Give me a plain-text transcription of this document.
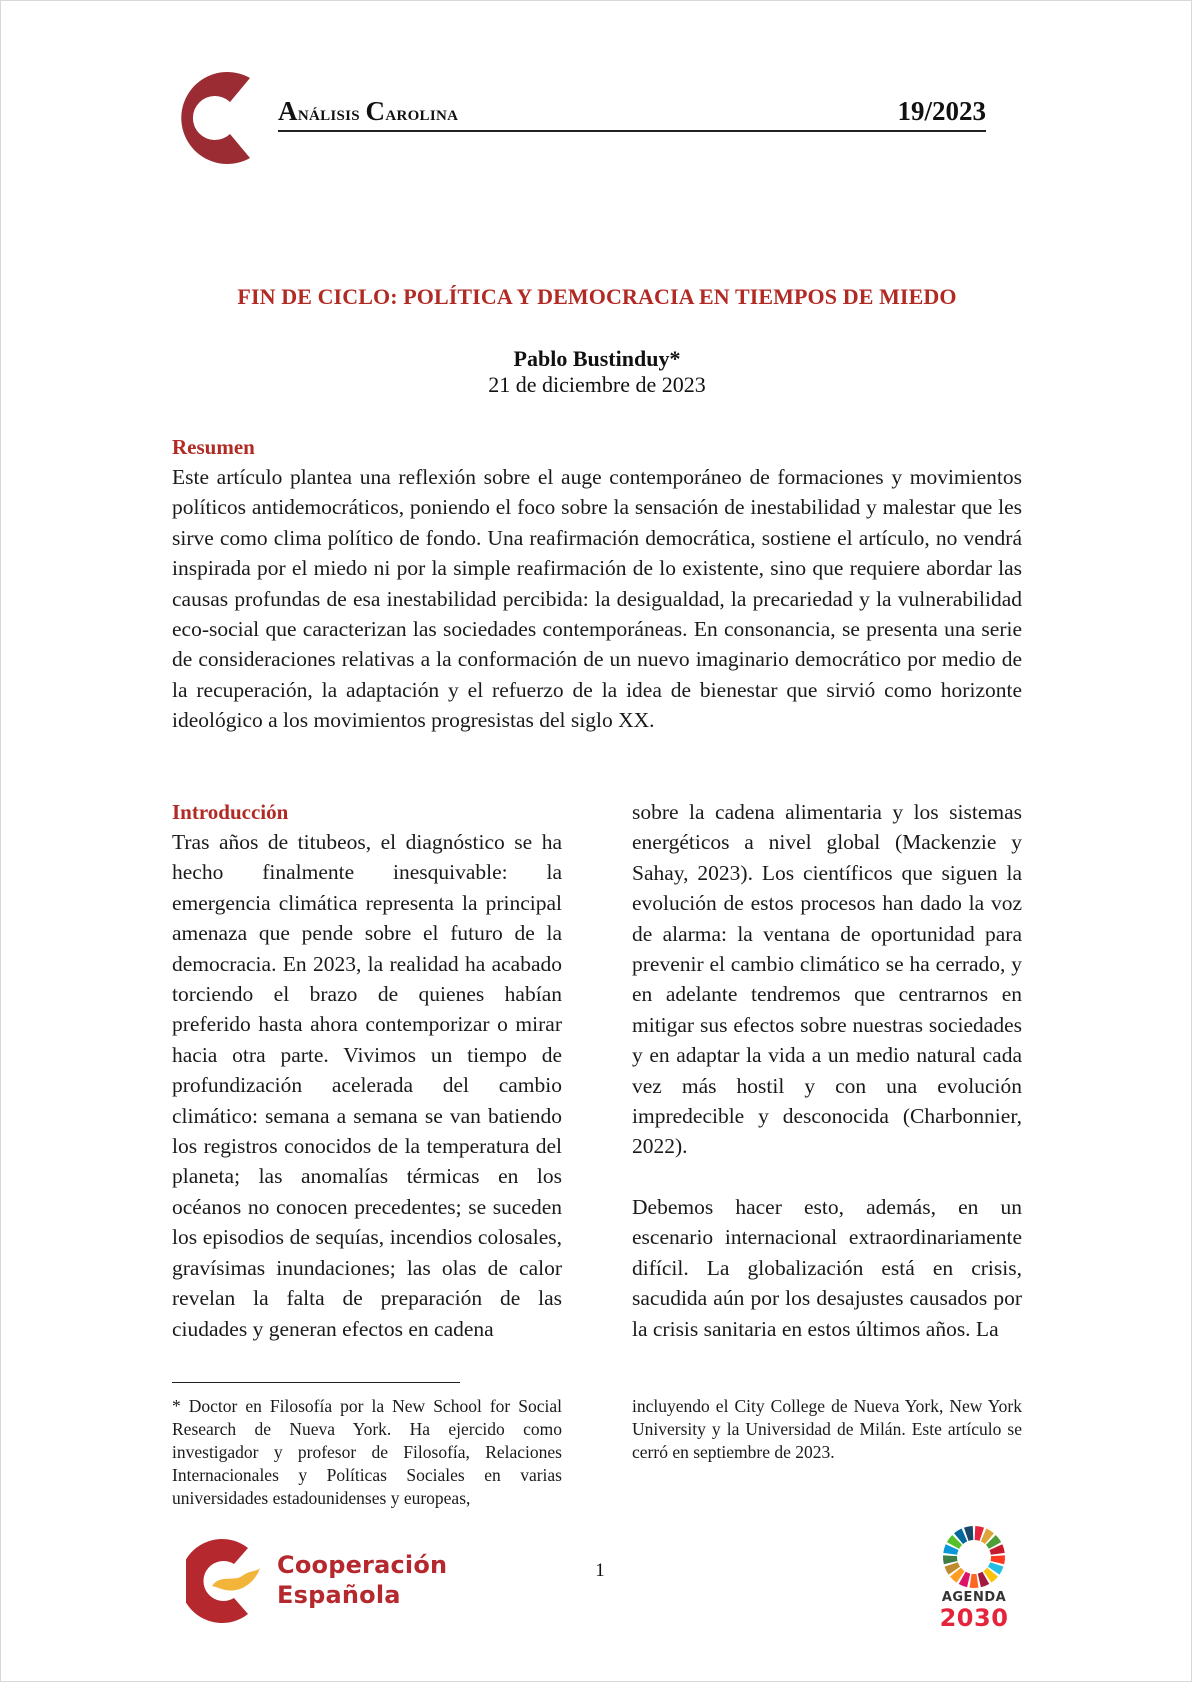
Análisis Carolina	19/2023
FIN DE CICLO: POLÍTICA Y DEMOCRACIA EN TIEMPOS DE MIEDO
Pablo Bustinduy*
21 de diciembre de 2023

Resumen

Este artículo plantea una reflexión sobre el auge contemporáneo de formaciones y movimientos políticos antidemocráticos, poniendo el foco sobre la sensación de inestabilidad y malestar que les sirve como clima político de fondo. Una reafirmación democrática, sostiene el artículo, no vendrá inspirada por el miedo ni por la simple reafirmación de lo existente, sino que requiere abordar las causas profundas de esa inestabilidad percibida: la desigualdad, la precariedad y la vulnerabilidad eco-social que caracterizan las sociedades contemporáneas. En consonancia, se presenta una serie de consideraciones relativas a la conformación de un nuevo imaginario democrático por medio de la recuperación, la adaptación y el refuerzo de la idea de bienestar que sirvió como horizonte ideológico a los movimientos progresistas del siglo XX.

Introducción

Tras años de titubeos, el diagnóstico se ha hecho finalmente inesquivable: la emergencia climática representa la principal amenaza que pende sobre el futuro de la democracia. En 2023, la realidad ha acabado torciendo el brazo de quienes habían preferido hasta ahora contemporizar o mirar hacia otra parte. Vivimos un tiempo de profundización acelerada del cambio climático: semana a semana se van batiendo los registros conocidos de la temperatura del planeta; las anomalías térmicas en los océanos no conocen precedentes; se suceden los episodios de sequías, incendios colosales, gravísimas inundaciones; las olas de calor revelan la falta de preparación de las ciudades y generan efectos en cadena

sobre la cadena alimentaria y los sistemas energéticos a nivel global (Mackenzie y Sahay, 2023). Los científicos que siguen la evolución de estos procesos han dado la voz de alarma: la ventana de oportunidad para prevenir el cambio climático se ha cerrado, y en adelante tendremos que centrarnos en mitigar sus efectos sobre nuestras sociedades y en adaptar la vida a un medio natural cada vez más hostil y con una evolución impredecible y desconocida (Charbonnier, 2022).

Debemos hacer esto, además, en un escenario internacional extraordinariamente difícil. La globalización está en crisis, sacudida aún por los desajustes causados por la crisis sanitaria en estos últimos años. La

* Doctor en Filosofía por la New School for Social Research de Nueva York. Ha ejercido como investigador y profesor de Filosofía, Relaciones Internacionales y Políticas Sociales en varias universidades estadounidenses y europeas,

incluyendo el City College de Nueva York, New York University y la Universidad de Milán. Este artículo se cerró en septiembre de 2023.

Cooperación
Española
1
AGENDA
2030
